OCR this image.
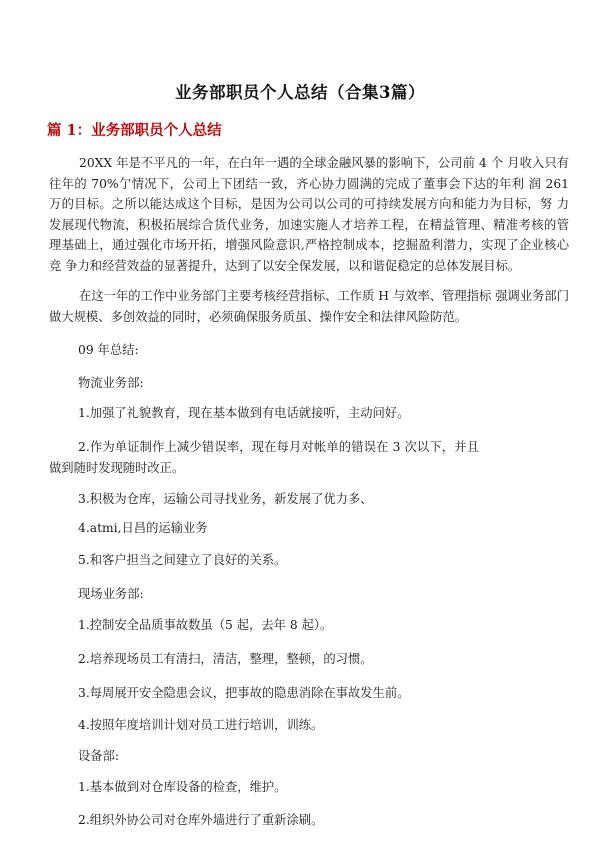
业务部职员个人总结（合集3篇）
篇 1：业务部职员个人总结
20XX 年是不平凡的一年，在白年一遇的全球金融风暴的影响下，公司前 4 个 月收入只有往年的 70%亇情况下，公司上下团结一致，齐心协力圆满的完成了董事会下达的年利 润 261 万的目标。之所以能达成这个目标，是因为公司以公司的可持续发展方向和能力为目标，努 力发展现代物流，积极拓展综合货代业务，加速实施人才培养工程，在精益管理、精准考核的管 理基础上，通过强化市场开拓，增强风险意识,严格控制成本，挖掘盈利潜力，实现了企业核心竞 争力和经营效益的显著提升，达到了以安全保发展，以和谐促稳定的总体发展目标。
在这一年的工作中业务部门主要考核经营指标、工作质 H 与效率、管理指标 强调业务部门做大规模、多创效益的同时，必须确保服务质虽、操作安全和法律风险防范。
09 年总结:
物流业务部:
1.加强了礼貌教育，现在基本做到有电话就接听，主动问好。
2.作为单证制作上减少错误率，现在每月对帐单的错误在 3 次以下，并且做到随时发现随时改正。
3.积极为仓库，运输公司寻找业务，新发展了优力多、
4.atmi,日昌的运输业务
5.和客户担当之间建立了良好的关系。
现场业务部:
1.控制安全品质事故数虽（5 起，去年 8 起）。
2.培养现场员工有清扫，清洁，整理，整顿，的习惯。
3.每周展开安全隐患会议，把事故的隐患消除在事故发生前。
4.按照年度培训计划对员工进行培训，训练。
设备部:
1.基本做到对仓库设备的检查，维护。
2.组织外协公司对仓库外墙进行了重新涂刷。
